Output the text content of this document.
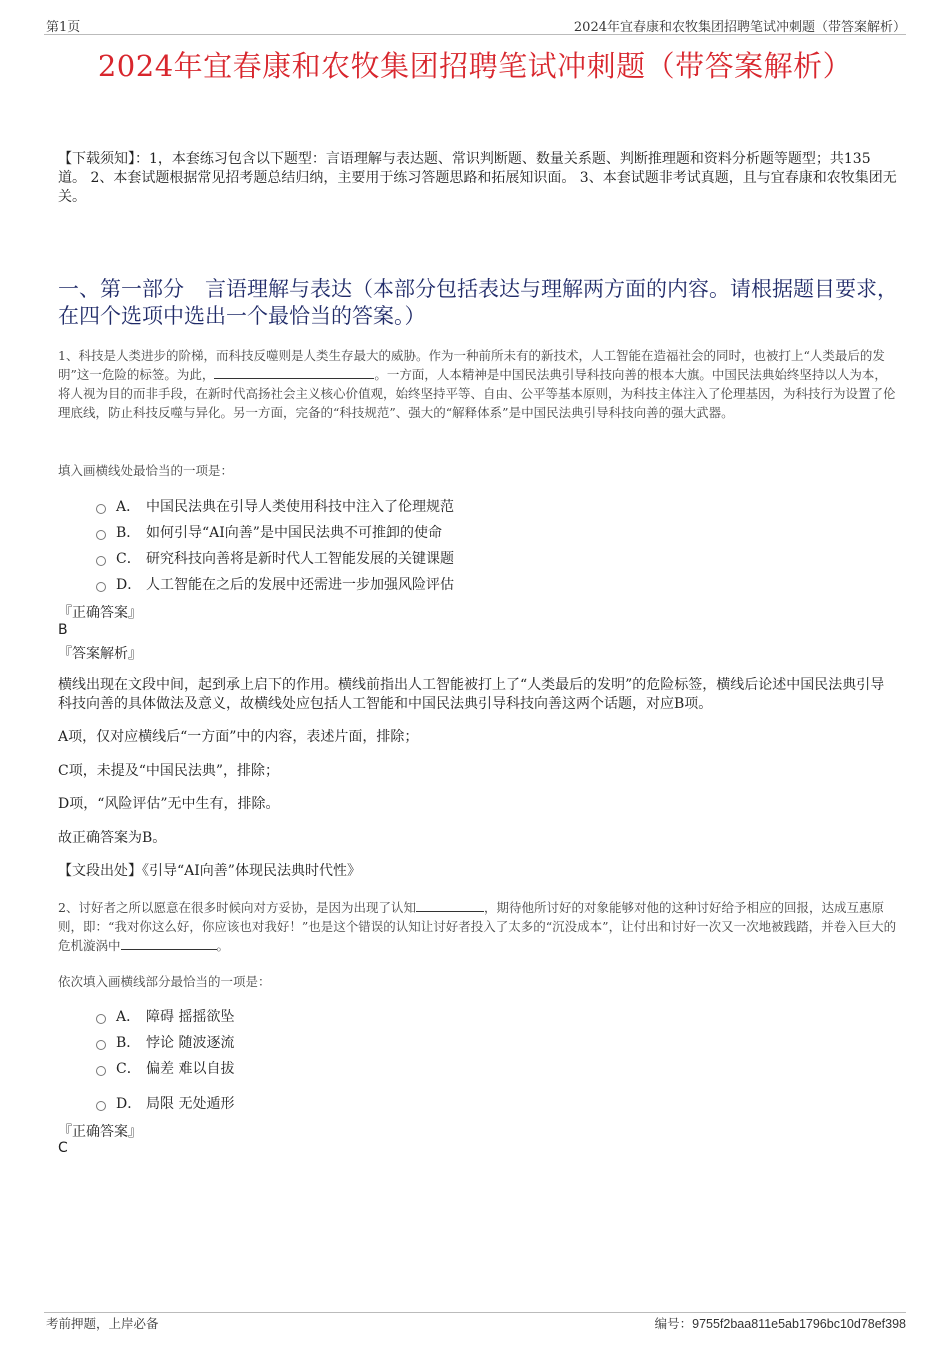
第1页	2024年宜春康和农牧集团招聘笔试冲刺题（带答案解析）
2024年宜春康和农牧集团招聘笔试冲刺题（带答案解析）
【下载须知】：1，本套练习包含以下题型：言语理解与表达题、常识判断题、数量关系题、判断推理题和资料分析题等题型；共135道。 2、本套试题根据常见招考题总结归纳，主要用于练习答题思路和拓展知识面。 3、本套试题非考试真题，且与宜春康和农牧集团无关。
一、第一部分　言语理解与表达（本部分包括表达与理解两方面的内容。请根据题目要求，在四个选项中选出一个最恰当的答案。）
1、科技是人类进步的阶梯，而科技反噬则是人类生存最大的威胁。作为一种前所未有的新技术，人工智能在造福社会的同时，也被打上“人类最后的发明”这一危险的标签。为此，	。一方面，人本精神是中国民法典引导科技向善的根本大旗。中国民法典始终坚持以人为本，将人视为目的而非手段，在新时代高扬社会主义核心价值观，始终坚持平等、自由、公平等基本原则，为科技主体注入了伦理基因，为科技行为设置了伦理底线，防止科技反噬与异化。另一方面，完备的“科技规范”、强大的“解释体系”是中国民法典引导科技向善的强大武器。
填入画横线处最恰当的一项是：
A． 中国民法典在引导人类使用科技中注入了伦理规范
B． 如何引导“AI向善”是中国民法典不可推卸的使命
C． 研究科技向善将是新时代人工智能发展的关键课题
D． 人工智能在之后的发展中还需进一步加强风险评估
『正确答案』
B
『答案解析』
横线出现在文段中间，起到承上启下的作用。横线前指出人工智能被打上了“人类最后的发明”的危险标签，横线后论述中国民法典引导科技向善的具体做法及意义，故横线处应包括人工智能和中国民法典引导科技向善这两个话题，对应B项。
A项，仅对应横线后“一方面”中的内容，表述片面，排除；
C项，未提及“中国民法典”，排除；
D项，“风险评估”无中生有，排除。
故正确答案为B。
【文段出处】《引导“AI向善”体现民法典时代性》
2、讨好者之所以愿意在很多时候向对方妥协，是因为出现了认知	，期待他所讨好的对象能够对他的这种讨好给予相应的回报，达成互惠原则，即：“我对你这么好，你应该也对我好！”也是这个错误的认知让讨好者投入了太多的“沉没成本”，让付出和讨好一次又一次地被践踏，并卷入巨大的危机漩涡中	。
依次填入画横线部分最恰当的一项是：
A． 障碍 摇摇欲坠
B． 悖论 随波逐流
C． 偏差 难以自拔
D． 局限 无处遁形
『正确答案』
C
考前押题，上岸必备	编号：9755f2baa811e5ab1796bc10d78ef398
